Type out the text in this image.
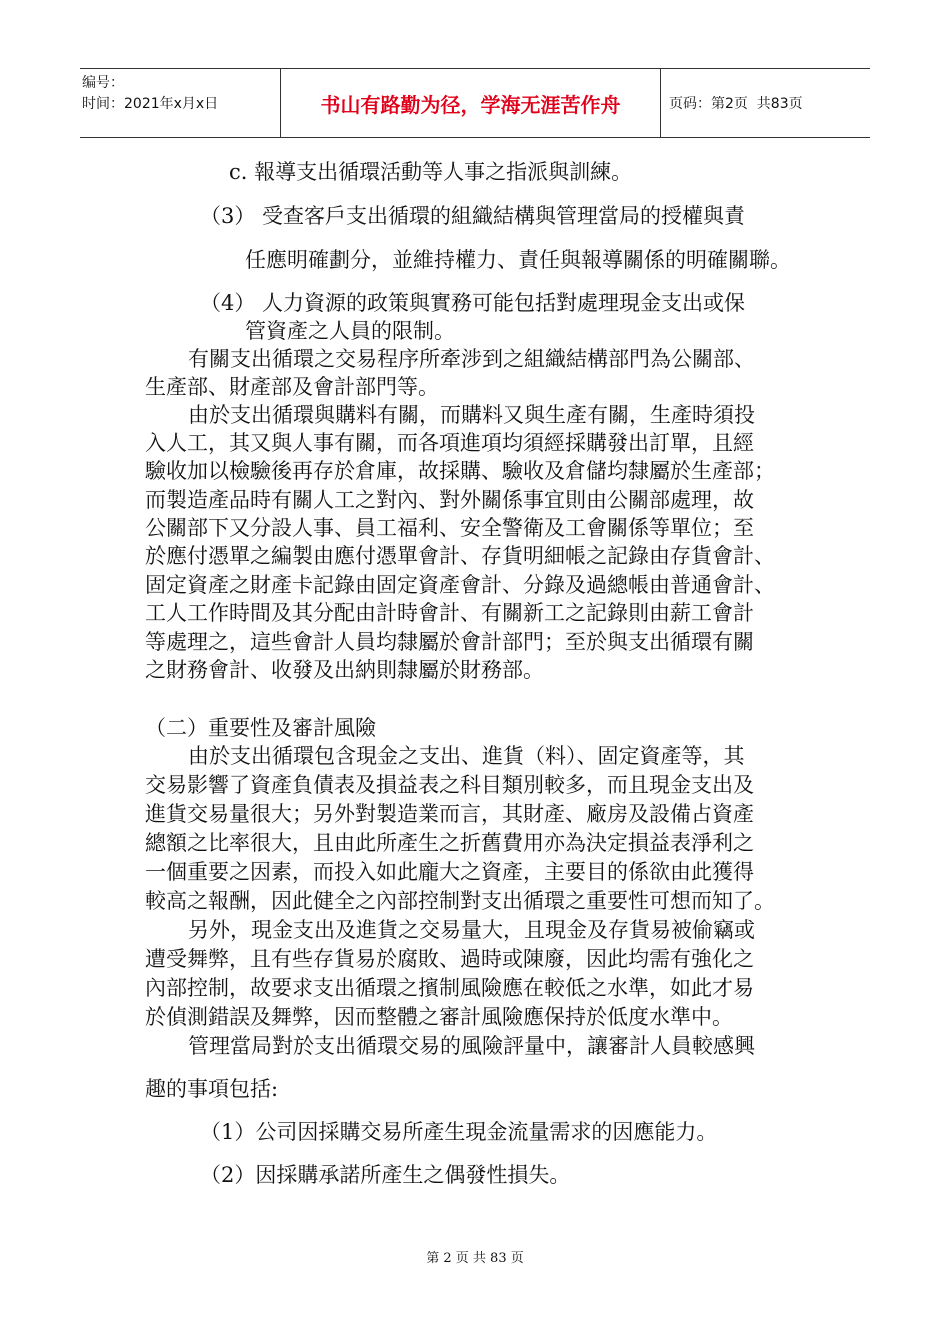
编号：
时间：2021年x月x日	书山有路勤为径，学海无涯苦作舟	页码：第2页  共83页
c. 報導支出循環活動等人事之指派與訓練。
（3） 受查客戶支出循環的組織結構與管理當局的授權與責
任應明確劃分，並維持權力、責任與報導關係的明確關聯。
（4） 人力資源的政策與實務可能包括對處理現金支出或保
管資產之人員的限制。
有關支出循環之交易程序所牽涉到之組織結構部門為公關部、
生產部、財產部及會計部門等。
由於支出循環與購料有關，而購料又與生產有關，生產時須投
入人工，其又與人事有關，而各項進項均須經採購發出訂單，且經
驗收加以檢驗後再存於倉庫，故採購、驗收及倉儲均隸屬於生產部；
而製造產品時有關人工之對內、對外關係事宜則由公關部處理，故
公關部下又分設人事、員工福利、安全警衛及工會關係等單位；至
於應付憑單之編製由應付憑單會計、存貨明細帳之記錄由存貨會計、
固定資產之財產卡記錄由固定資產會計、分錄及過總帳由普通會計、
工人工作時間及其分配由計時會計、有關新工之記錄則由薪工會計
等處理之，這些會計人員均隸屬於會計部門；至於與支出循環有關
之財務會計、收發及出納則隸屬於財務部。
（二）重要性及審計風險
由於支出循環包含現金之支出、進貨（料）、固定資產等，其
交易影響了資產負債表及損益表之科目類別較多，而且現金支出及
進貨交易量很大；另外對製造業而言，其財產、廠房及設備占資產
總額之比率很大，且由此所產生之折舊費用亦為決定損益表淨利之
一個重要之因素，而投入如此龐大之資產，主要目的係欲由此獲得
較高之報酬，因此健全之內部控制對支出循環之重要性可想而知了。
另外，現金支出及進貨之交易量大，且現金及存貨易被偷竊或
遭受舞弊，且有些存貨易於腐敗、過時或陳廢，因此均需有強化之
內部控制，故要求支出循環之擯制風險應在較低之水準，如此才易
於偵測錯誤及舞弊，因而整體之審計風險應保持於低度水準中。
管理當局對於支出循環交易的風險評量中，讓審計人員較感興
趣的事項包括:
（1）公司因採購交易所產生現金流量需求的因應能力。
（2）因採購承諾所產生之偶發性損失。
第 2 页 共 83 页
